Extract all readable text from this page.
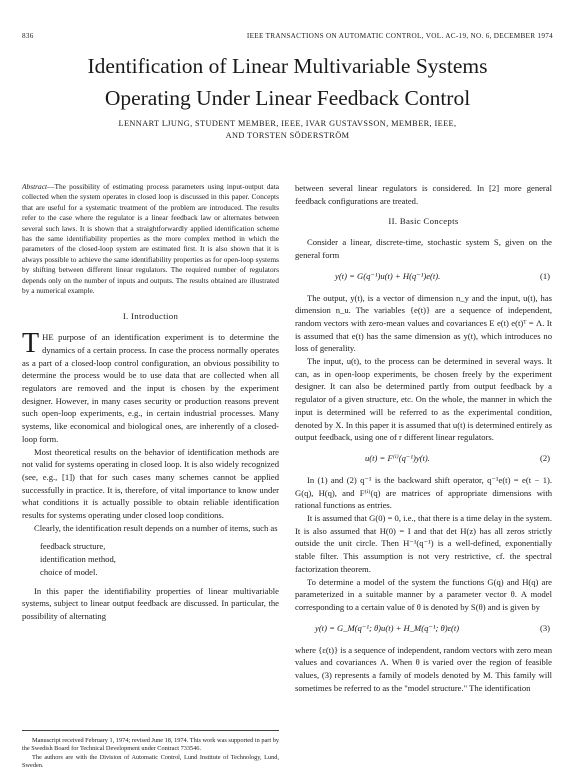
836	IEEE TRANSACTIONS ON AUTOMATIC CONTROL, VOL. AC-19, NO. 6, DECEMBER 1974
Identification of Linear Multivariable Systems
Operating Under Linear Feedback Control
LENNART LJUNG, STUDENT MEMBER, IEEE, IVAR GUSTAVSSON, MEMBER, IEEE,
AND TORSTEN SÖDERSTRÖM
Abstract—The possibility of estimating process parameters using input-output data collected when the system operates in closed loop is discussed in this paper. Concepts that are useful for a systematic treatment of the problem are introduced. The results refer to the case where the regulator is a linear feedback law or alternates between several such laws. It is shown that a straightforwardly applied identification scheme has the same identifiability properties as the more complex method in which the parameters of the closed-loop system are estimated first. It is also shown that it is always possible to achieve the same identifiability properties as for open-loop systems by shifting between different linear regulators. The required number of regulators depends only on the number of inputs and outputs. The results obtained are illustrated by a numerical example.
I. Introduction

THE purpose of an identification experiment is to determine the dynamics of a certain process. In case the process normally operates as a part of a closed-loop control configuration, an obvious possibility to determine the process would be to use data that are collected when all regulators are removed and the input is chosen by the experiment designer. However, in many cases security or production reasons prevent such open-loop experiments, e.g., in certain industrial processes. Many systems, like economical and biological ones, are inherently of a closed-loop form.

Most theoretical results on the behavior of identification methods are not valid for systems operating in closed loop. It is also widely recognized (see, e.g., [1]) that for such cases many schemes cannot be applied successfully in practice. It is, therefore, of vital importance to know under what conditions it is actually possible to obtain reliable identification results for systems operating under closed loop conditions.

Clearly, the identification result depends on a number of items, such as

feedback structure,
identification method,
choice of model.

In this paper the identifiability properties of linear multivariable systems, subject to linear output feedback are discussed. In particular, the possibility of alternating

between several linear regulators is considered. In [2] more general feedback configurations are treated.

II. Basic Concepts

Consider a linear, discrete-time, stochastic system S, given on the general form

y(t) = G(q⁻¹)u(t) + H(q⁻¹)e(t).	(1)

The output, y(t), is a vector of dimension n_y and the input, u(t), has dimension n_u. The variables {e(t)} are a sequence of independent, random vectors with zero-mean values and covariances E e(t) e(t)ᵀ = Λ. It is assumed that e(t) has the same dimension as y(t), which introduces no loss of generality.

The input, u(t), to the process can be determined in several ways. It can, as in open-loop experiments, be chosen freely by the experiment designer. It can also be determined partly from output feedback by a regulator of a given structure, etc. On the whole, the manner in which the input is determined will be referred to as the experimental condition, denoted by X. In this paper it is assumed that u(t) is determined entirely as output feedback, using one of r different linear regulators.

u(t) = F⁽ⁱ⁾(q⁻¹)y(t).	(2)

In (1) and (2) q⁻¹ is the backward shift operator, q⁻¹e(t) = e(t − 1). G(q), H(q), and F⁽ⁱ⁾(q) are matrices of appropriate dimensions with rational functions as entries.

It is assumed that G(0) = 0, i.e., that there is a time delay in the system. It is also assumed that H(0) = I and that det H(z) has all zeros strictly outside the unit circle. Then H⁻¹(q⁻¹) is a well-defined, exponentially stable filter. This assumption is not very restrictive, cf. the spectral factorization theorem.

To determine a model of the system the functions G(q) and H(q) are parameterized in a suitable manner by a parameter vector θ. A model corresponding to a certain value of θ is denoted by S(θ) and is given by

y(t) = G_M(q⁻¹; θ)u(t) + H_M(q⁻¹; θ)ε(t)	(3)

where {ε(t)} is a sequence of independent, random vectors with zero mean values and covariances Λ. When θ is varied over the region of feasible values, (3) represents a family of models denoted by M. This family will sometimes be referred to as the "model structure." The identification

Manuscript received February 1, 1974; revised June 18, 1974. This work was supported in part by the Swedish Board for Technical Development under Contract 733546.

The authors are with the Division of Automatic Control, Lund Institute of Technology, Lund, Sweden.
